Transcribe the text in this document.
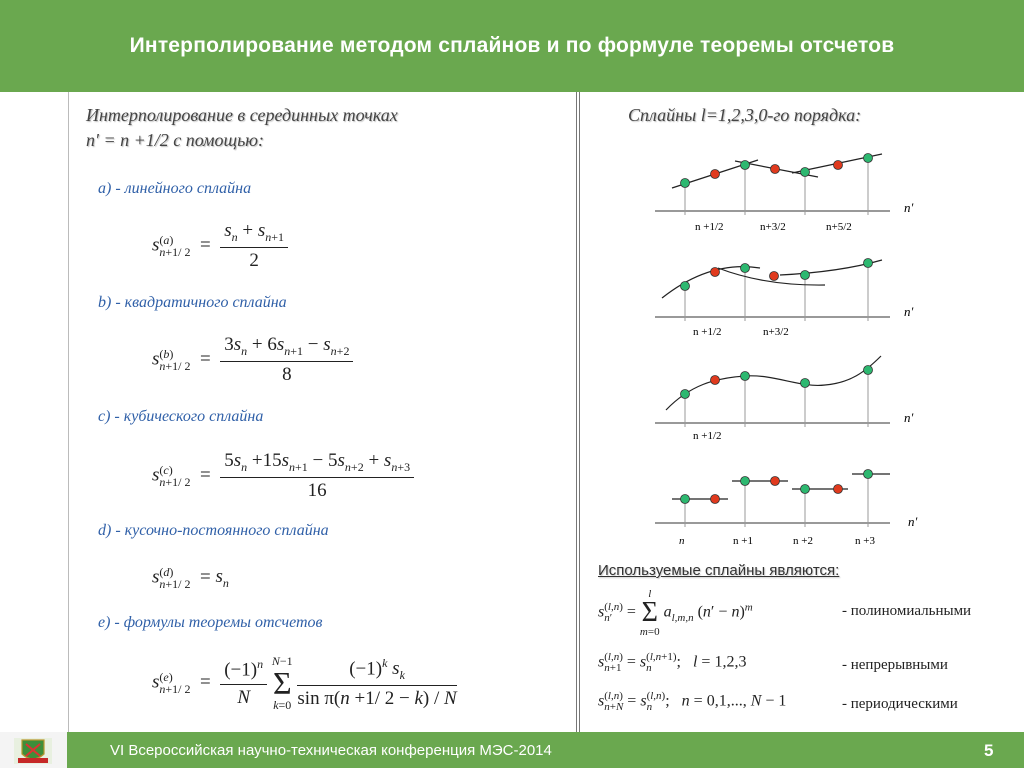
Интерполирование методом сплайнов и по формуле теоремы отсчетов
Интерполирование в серединных точках
n′ = n +1/2 с помощью:
a) - линейного сплайна
s (a)
n+1/ $2 = \frac{s_n + s_{n+1}}{2}$
b) - квадратичного сплайна
s (b)
n+1/ $2 = \frac{3s_n + 6s_{n+1} - s_{n+2}}{8}$
c) - кубического сплайна
s (c)
n+1/ $2 = \frac{5s_n +15s_{n+1} - 5s_{n+2} + s_{n+3}}{16}$
d) - кусочно-постоянного сплайна
s (d)
n+1/ $2 = s_n$
e) - формулы теоремы отсчетов
s (e)
n+1/ $2 = \frac{(-1)^n}{N}$
N−1
Σ
k=0
$\frac{(-1)^k s_k}{\text{sin π(n +1/ 2 − k) / N}}$
Сплайны l=1,2,3,0-го порядка:
n′
n +1/2	n+3/2	n+5/2
n′
n +1/2	n+3/2
n′
n +1/2
n′
n	n +1	n +2	n +3
Используемые сплайны являются:
s (l,n)
n′ =
l
Σ
m=0
$a_{l,m,n}$ $(n' - n)^m$	- полиномиальными
s (l,n)
n+1 = s (l,n+1)
n	;   l = 1,2,3	- непрерывными
s (l,n)
n+N = s (l,n)
n ;   n = 0,1,..., N − 1	- периодическими
VI Всероссийская научно-техническая конференция МЭС-2014	5
